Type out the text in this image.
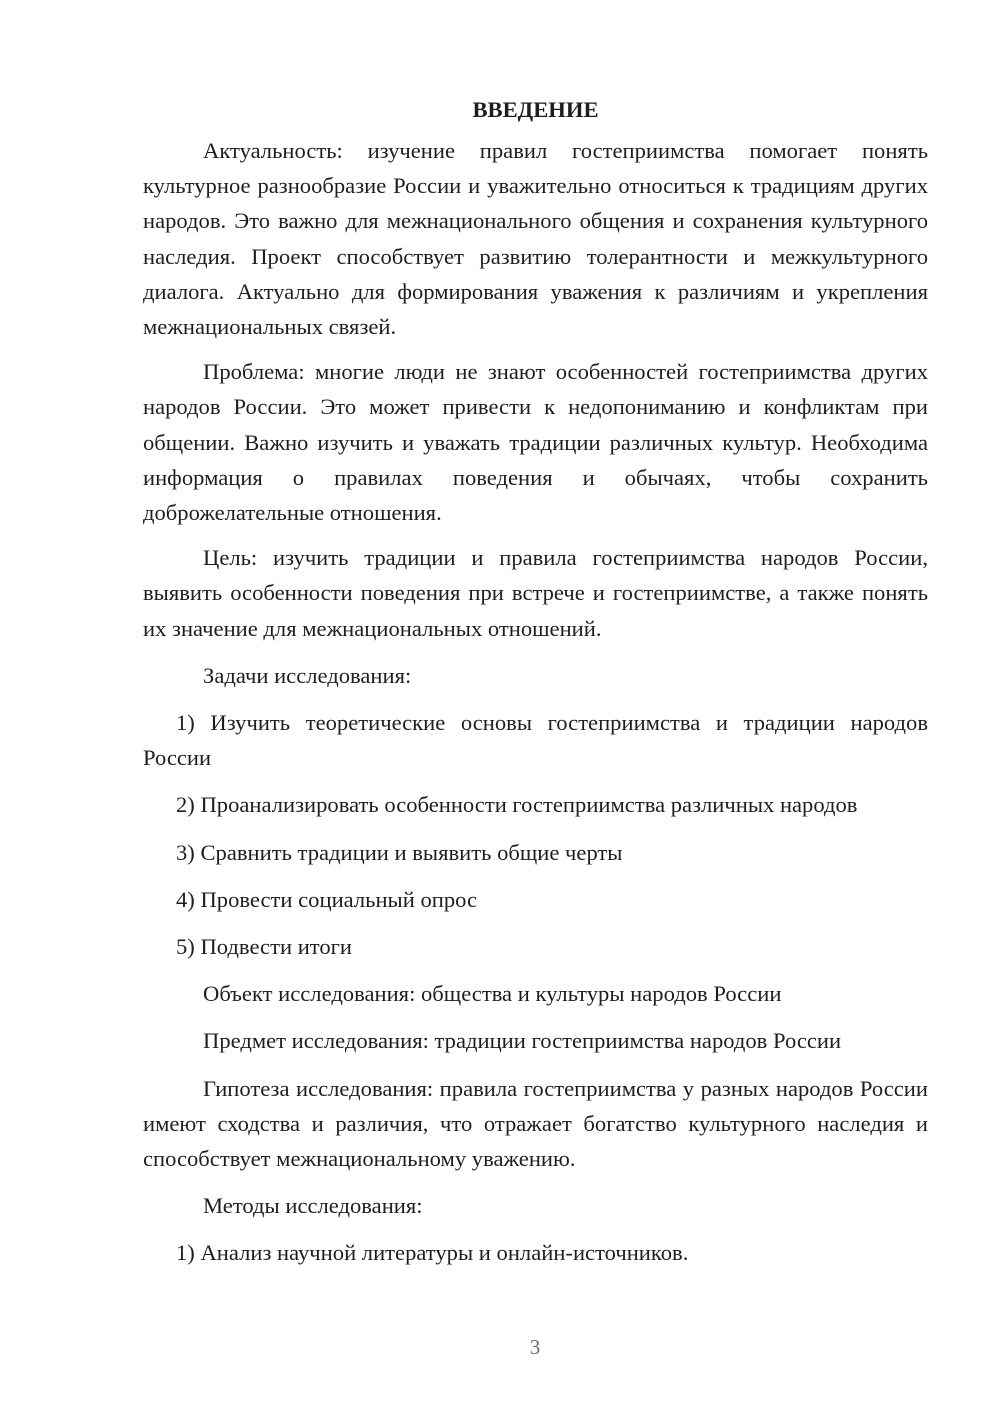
ВВЕДЕНИЕ

Актуальность: изучение правил гостеприимства помогает понять культурное разнообразие России и уважительно относиться к традициям других народов. Это важно для межнационального общения и сохранения культурного наследия. Проект способствует развитию толерантности и межкультурного диалога. Актуально для формирования уважения к различиям и укрепления межнациональных связей.

Проблема: многие люди не знают особенностей гостеприимства других народов России. Это может привести к недопониманию и конфликтам при общении. Важно изучить и уважать традиции различных культур. Необходима информация о правилах поведения и обычаях, чтобы сохранить доброжелательные отношения.

Цель: изучить традиции и правила гостеприимства народов России, выявить особенности поведения при встрече и гостеприимстве, а также понять их значение для межнациональных отношений.

Задачи исследования:

1) Изучить теоретические основы гостеприимства и традиции народов России

2) Проанализировать особенности гостеприимства различных народов

3) Сравнить традиции и выявить общие черты

4) Провести социальный опрос

5) Подвести итоги

Объект исследования: общества и культуры народов России

Предмет исследования: традиции гостеприимства народов России

Гипотеза исследования: правила гостеприимства у разных народов России имеют сходства и различия, что отражает богатство культурного наследия и способствует межнациональному уважению.

Методы исследования:

1) Анализ научной литературы и онлайн-источников.

3
